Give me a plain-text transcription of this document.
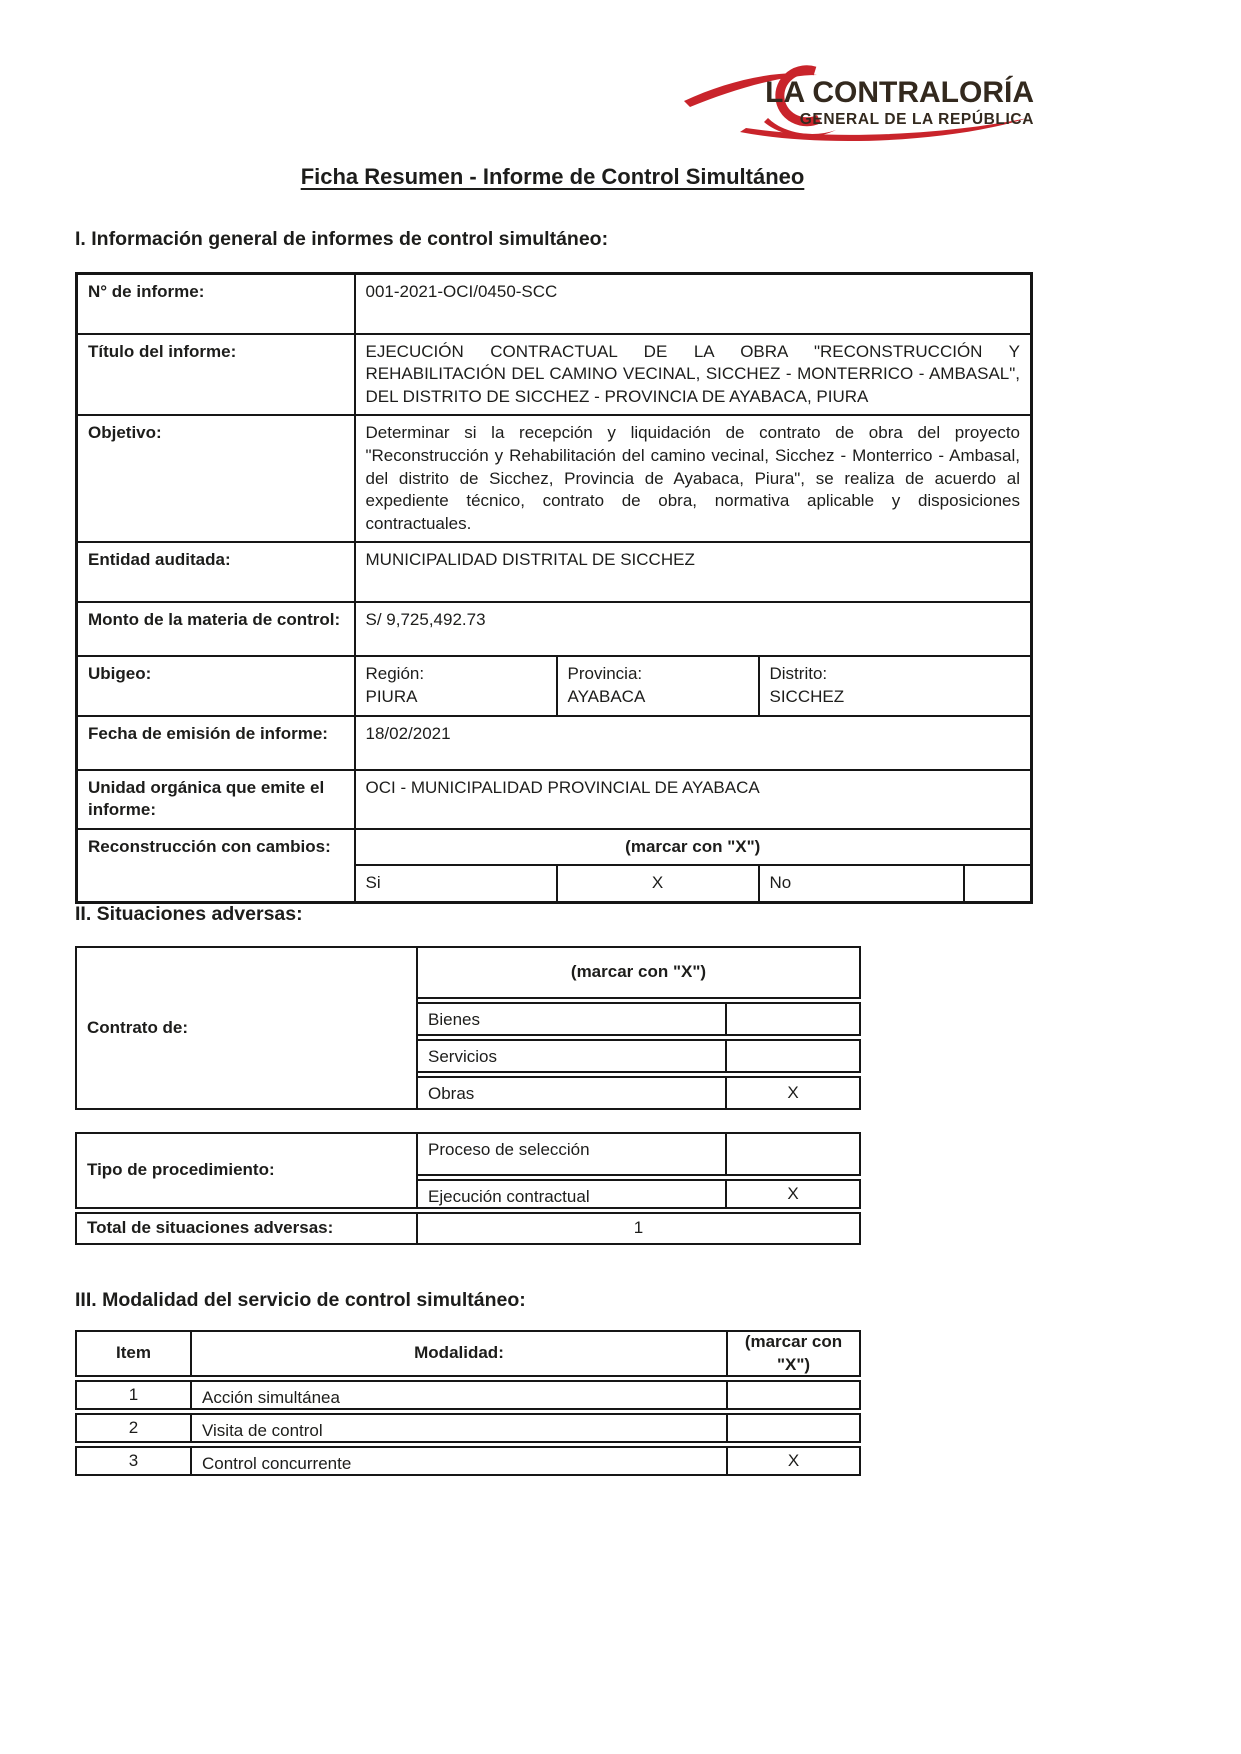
LA CONTRALORÍA
GENERAL DE LA REPÚBLICA
Ficha Resumen - Informe de Control Simultáneo
I. Información general de informes de control simultáneo:
N° de informe:	001-2021-OCI/0450-SCC			
Título del informe:	EJECUCIÓN CONTRACTUAL DE LA OBRA "RECONSTRUCCIÓN Y REHABILITACIÓN DEL CAMINO VECINAL, SICCHEZ - MONTERRICO - AMBASAL", DEL DISTRITO DE SICCHEZ - PROVINCIA DE AYABACA, PIURA			
Objetivo:	Determinar si la recepción y liquidación de contrato de obra del proyecto "Reconstrucción y Rehabilitación del camino vecinal, Sicchez - Monterrico - Ambasal, del distrito de Sicchez, Provincia de Ayabaca, Piura", se realiza de acuerdo al expediente técnico, contrato de obra, normativa aplicable y disposiciones contractuales.			
Entidad auditada:	MUNICIPALIDAD DISTRITAL DE SICCHEZ			
Monto de la materia de control:	S/ 9,725,492.73			
Ubigeo:	Región:
PIURA

Provincia:
AYABACA

Distrito:
SICCHEZ

Fecha de emisión de informe:	18/02/2021			
Unidad orgánica que emite el informe:	OCI - MUNICIPALIDAD PROVINCIAL DE AYABACA			
Reconstrucción con cambios:	(marcar con "X")			
	Si	X	No	
II. Situaciones adversas:
Contrato de:
(marcar con "X")
Bienes
Servicios
Obras	X
Tipo de procedimiento:
Proceso de selección
Ejecución contractual	X
Total de situaciones adversas:	1
III. Modalidad del servicio de control simultáneo:
Item	Modalidad:
(marcar con "X")
1	Acción simultánea
2	Visita de control
3	Control concurrente	X
